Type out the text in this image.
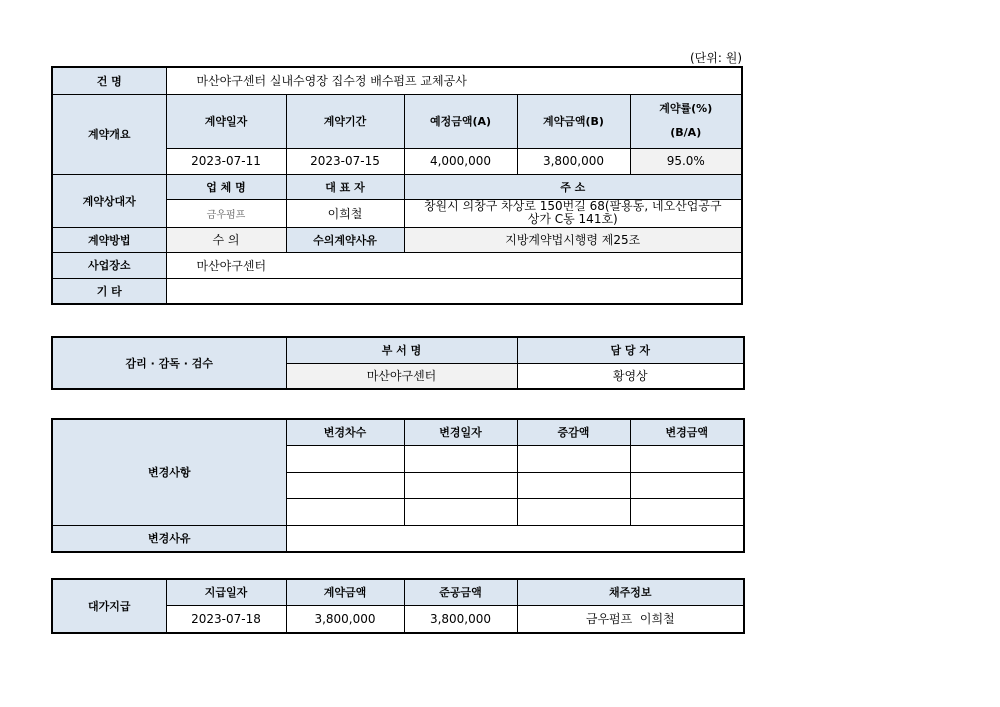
(단위: 원)
건 명	마산야구센터 실내수영장 집수정 배수펌프 교체공사				
계약개요	계약일자	계약기간	예정금액(A)	계약금액(B)	계약률(%)
(B/A)

	2023-07-11	2023-07-15	4,000,000	3,800,000	95.0%
계약상대자	업 체 명	대 표 자	주 소		
	금우펌프	이희철	창원시 의창구 차상로 150번길 68(팔용동, 네오산업공구
상가 C동 141호)		

계약방법	수 의	수의계약사유	지방계약법시행령 제25조		
사업장소	마산야구센터				
기 타					
감리 · 감독 · 검수	부 서 명	담 당 자
	마산야구센터	황영상
변경사항	변경차수	변경일자	증감액	변경금액

변경사유				
대가지급	지급일자	계약금액	준공금액	채주정보
	2023-07-18	3,800,000	3,800,000	금우펌프  이희철
